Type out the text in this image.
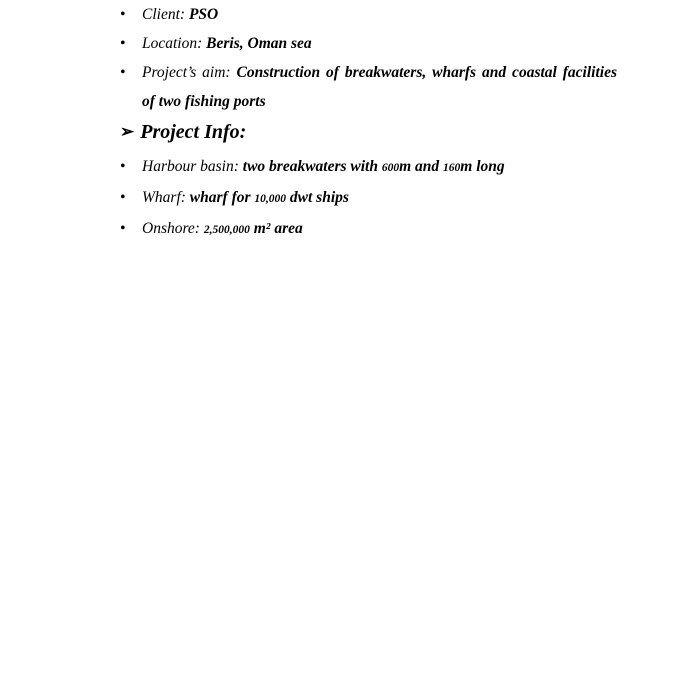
• Client: PSO
• Location: Beris, Oman sea
• Project’s aim: Construction of breakwaters, wharfs and coastal facilities of two fishing ports
➢ Project Info:
• Harbour basin: two breakwaters with 600m and 160m long
• Wharf: wharf for 10,000 dwt ships
• Onshore: 2,500,000 m² area
